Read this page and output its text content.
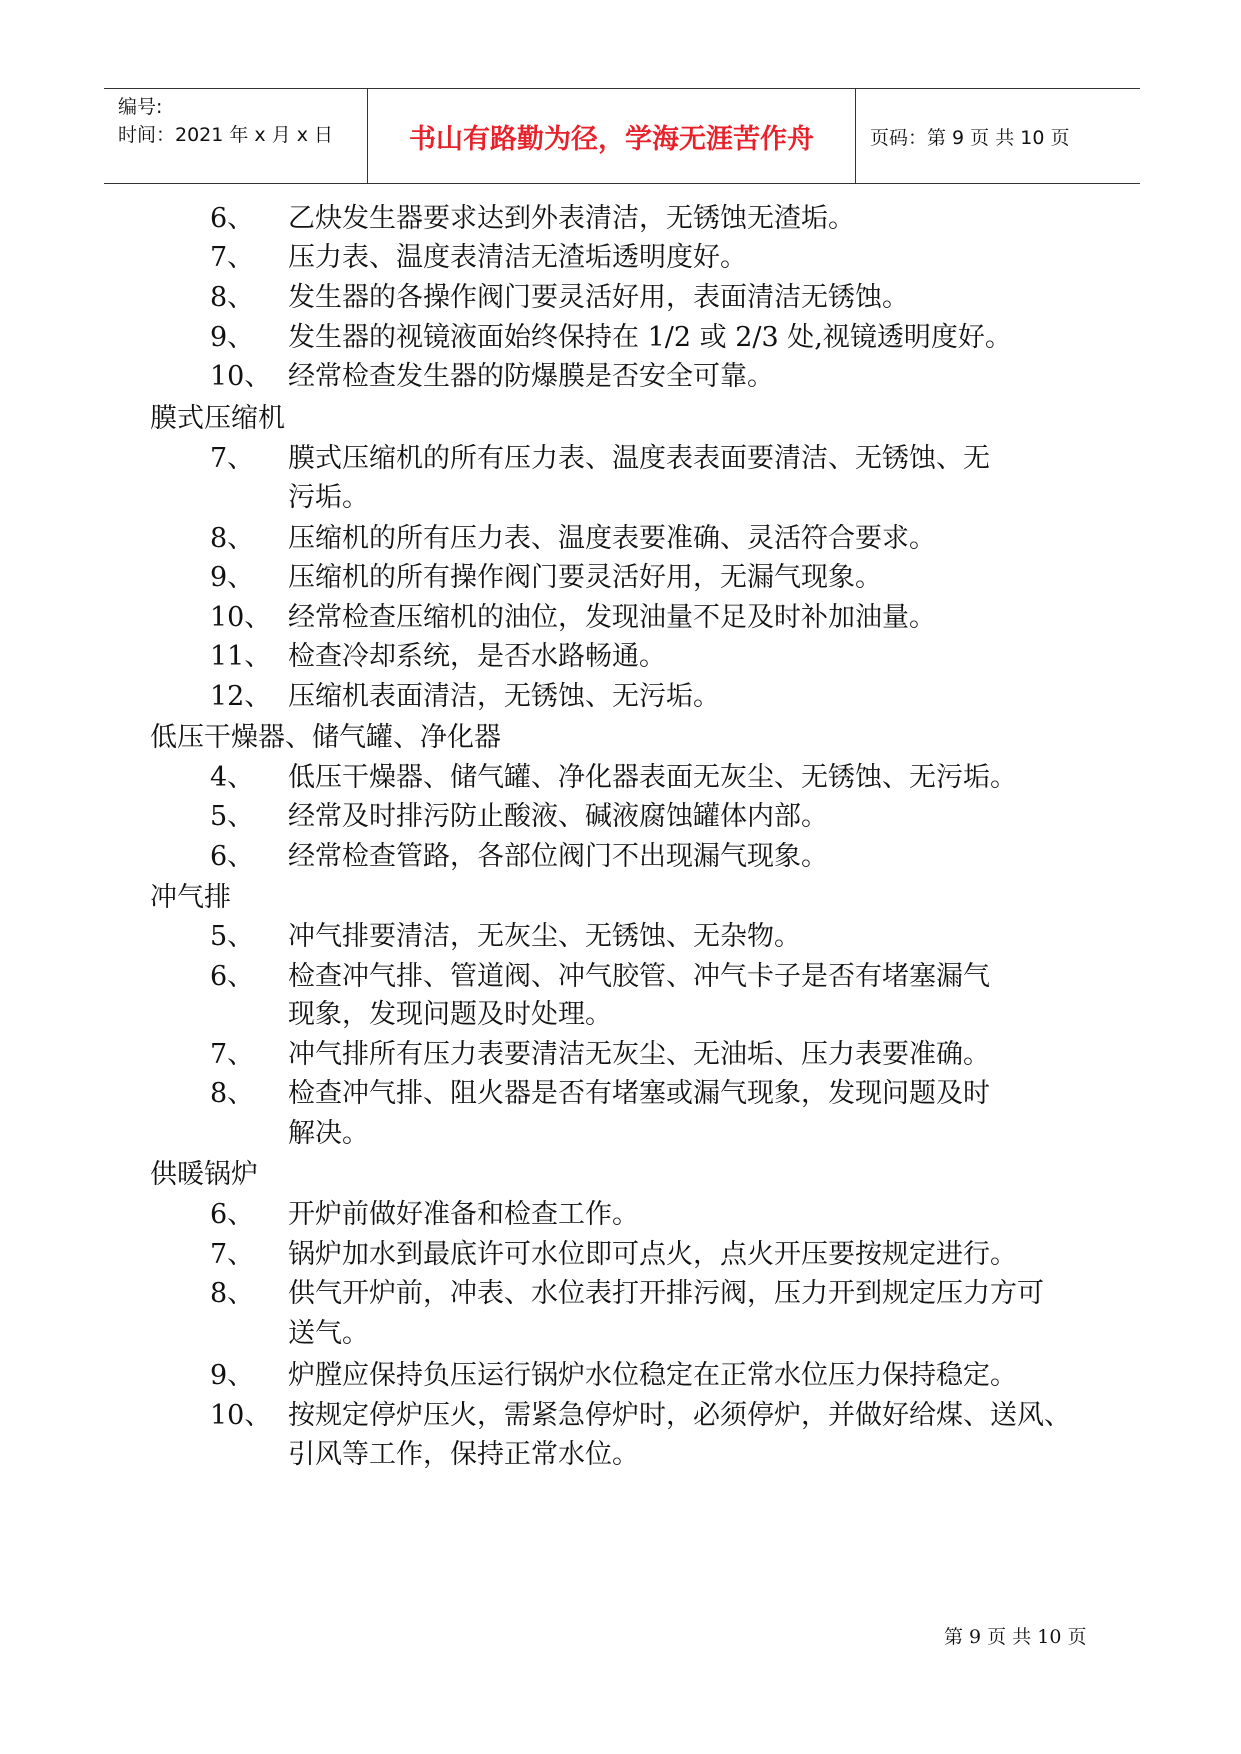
编号:
时间：2021 年 x 月 x 日	书山有路勤为径，学海无涯苦作舟	页码：第 9 页 共 10 页
6、 乙炔发生器要求达到外表清洁，无锈蚀无渣垢。
7、 压力表、温度表清洁无渣垢透明度好。
8、 发生器的各操作阀门要灵活好用，表面清洁无锈蚀。
9、 发生器的视镜液面始终保持在 1/2 或 2/3 处,视镜透明度好。
10、 经常检查发生器的防爆膜是否安全可靠。
膜式压缩机
7、 膜式压缩机的所有压力表、温度表表面要清洁、无锈蚀、无
污垢。
8、 压缩机的所有压力表、温度表要准确、灵活符合要求。
9、 压缩机的所有操作阀门要灵活好用，无漏气现象。
10、 经常检查压缩机的油位，发现油量不足及时补加油量。
11、 检查冷却系统，是否水路畅通。
12、 压缩机表面清洁，无锈蚀、无污垢。
低压干燥器、储气罐、净化器
4、 低压干燥器、储气罐、净化器表面无灰尘、无锈蚀、无污垢。
5、 经常及时排污防止酸液、碱液腐蚀罐体内部。
6、 经常检查管路，各部位阀门不出现漏气现象。
冲气排
5、 冲气排要清洁，无灰尘、无锈蚀、无杂物。
6、 检查冲气排、管道阀、冲气胶管、冲气卡子是否有堵塞漏气
现象，发现问题及时处理。
7、 冲气排所有压力表要清洁无灰尘、无油垢、压力表要准确。
8、 检查冲气排、阻火器是否有堵塞或漏气现象，发现问题及时
解决。
供暖锅炉
6、 开炉前做好准备和检查工作。
7、 锅炉加水到最底许可水位即可点火，点火开压要按规定进行。
8、 供气开炉前，冲表、水位表打开排污阀，压力开到规定压力方可
送气。
9、 炉膛应保持负压运行锅炉水位稳定在正常水位压力保持稳定。
10、 按规定停炉压火，需紧急停炉时，必须停炉，并做好给煤、送风、
引风等工作，保持正常水位。
第 9 页 共 10 页
